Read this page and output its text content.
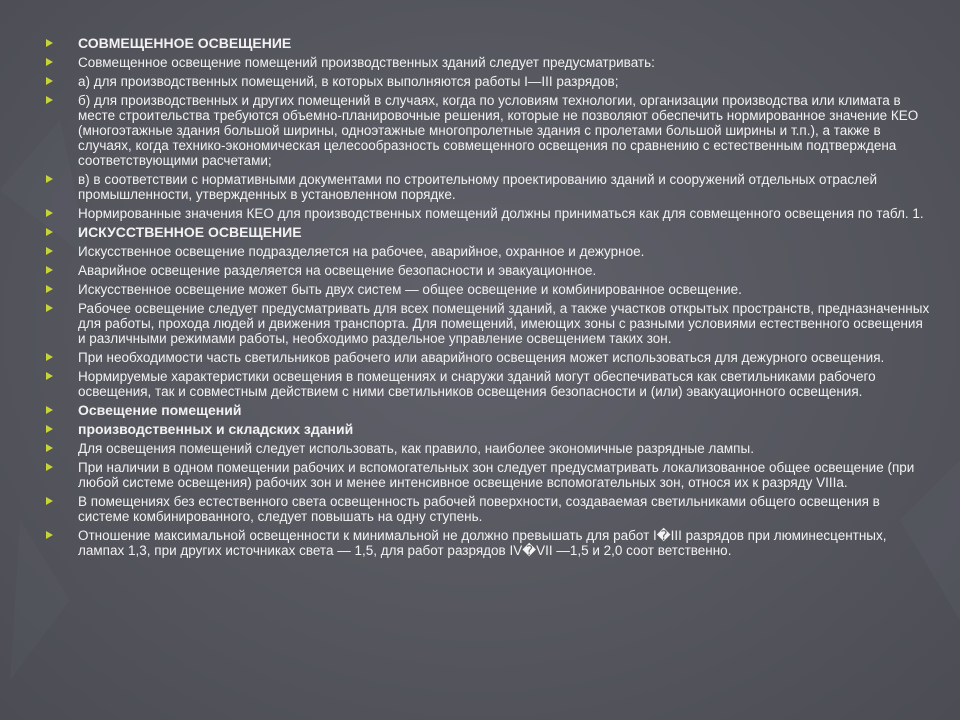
СОВМЕЩЕННОЕ ОСВЕЩЕНИЕ
Совмещенное освещение помещений производственных зданий следует предусматривать:
а) для производственных помещений, в которых выполняются работы I—III разрядов;
б) для производственных и других помещений в случаях, когда по условиям технологии, организации производства или климата в месте строительства требуются объемно-планировочные решения, которые не позволяют обеспечить нормированное значение КЕО (многоэтажные здания большой ширины, одноэтажные многопролетные здания с пролетами большой ширины и т.п.), а также в случаях, когда технико-экономическая целесообразность совмещенного освещения по сравнению с естественным подтверждена соответствующими расчетами;
в) в соответствии с нормативными документами по строительному проектированию зданий и сооружений отдельных отраслей промышленности, утвержденных в установленном порядке.
Нормированные значения КЕО для производственных помещений должны приниматься как для совмещенного освещения по табл. 1.
ИСКУССТВЕННОЕ ОСВЕЩЕНИЕ
Искусственное освещение подразделяется на рабочее, аварийное, охранное и дежурное.
Аварийное освещение разделяется на освещение безопасности и эвакуационное.
Искусственное освещение может быть двух систем — общее освещение и комбинированное освещение.
Рабочее освещение следует предусматривать для всех помещений зданий, а также участков открытых пространств, предназначенных для работы, прохода людей и движения транспорта. Для помещений, имеющих зоны с разными условиями естественного освещения и различными режимами работы, необходимо раздельное управление освещением таких зон.
При необходимости часть светильников рабочего или аварийного освещения может использоваться для дежурного освещения.
Нормируемые характеристики освещения в помещениях и снаружи зданий могут обеспечиваться как светильниками рабочего освещения, так и совместным действием с ними светильников освещения безопасности и (или) эвакуационного освещения.
Освещение помещений
производственных и складских зданий
Для освещения помещений следует использовать, как правило, наиболее экономичные разрядные лампы.
При наличии в одном помещении рабочих и вспомогательных зон следует предусматривать локализованное общее освещение (при любой системе освещения) рабочих зон и менее интенсивное освещение вспомогательных зон, относя их к разряду VIIIа.
В помещениях без естественного света освещенность рабочей поверхности, создаваемая светильниками общего освещения в системе комбинированного, следует повышать на одну ступень.
Отношение максимальной освещенности к минимальной не должно превышать для работ I�III разрядов при люминесцентных, лампах 1,3, при других источниках света — 1,5, для работ разрядов IV�VII —1,5 и 2,0 соот ветственно.
